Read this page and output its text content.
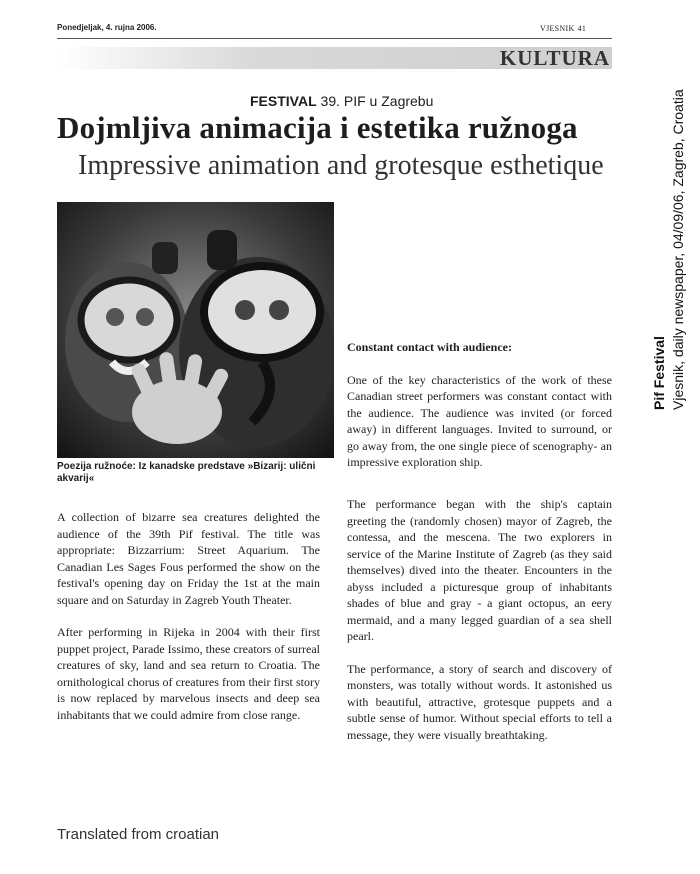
Ponedjeljak, 4. rujna 2006.	VJESNIK 41
KULTURA
FESTIVAL 39. PIF u Zagrebu
Dojmljiva animacija i estetika ružnoga
Impressive animation and grotesque esthetique
Poezija ružnoće: Iz kanadske predstave »Bizarij: ulični akvarij«

A collection of bizarre sea creatures delighted the audience of the 39th Pif festival. The title was appropriate: Bizzarrium: Street Aquarium. The Canadian Les Sages Fous performed the show on the festival's opening day on Friday the 1st at the main square and on Saturday in Zagreb Youth Theater.

After performing in Rijeka in 2004 with their first puppet project, Parade Issimo, these creators of surreal creatures of sky, land and sea return to Croatia. The ornithological chorus of creatures from their first story is now replaced by marvelous insects and deep sea inhabitants that we could admire from close range.

Constant contact with audience:

One of the key characteristics of the work of these Canadian street performers was constant contact with the audience. The audience was invited (or forced away) in different languages. Invited to surround, or go away from, the one single piece of scenography- an impressive exploration ship.

The performance began with the ship's captain greeting the (randomly chosen) mayor of Zagreb, the contessa, and the mescena. The two explorers in service of the Marine Institute of Zagreb (as they said themselves) dived into the theater. Encounters in the abyss included a picturesque group of inhabitants shades of blue and gray - a giant octopus, an eery mermaid, and a many legged guardian of a sea shell pearl.

The performance, a story of search and discovery of monsters, was totally without words. It astonished us with beautiful, attractive, grotesque puppets and a subtle sense of humor. Without special efforts to tell a message, they were visually breathtaking.

Translated from croatian
Pif Festival Vjesnik, daily newspaper, 04/09/06, Zagreb, Croatia
